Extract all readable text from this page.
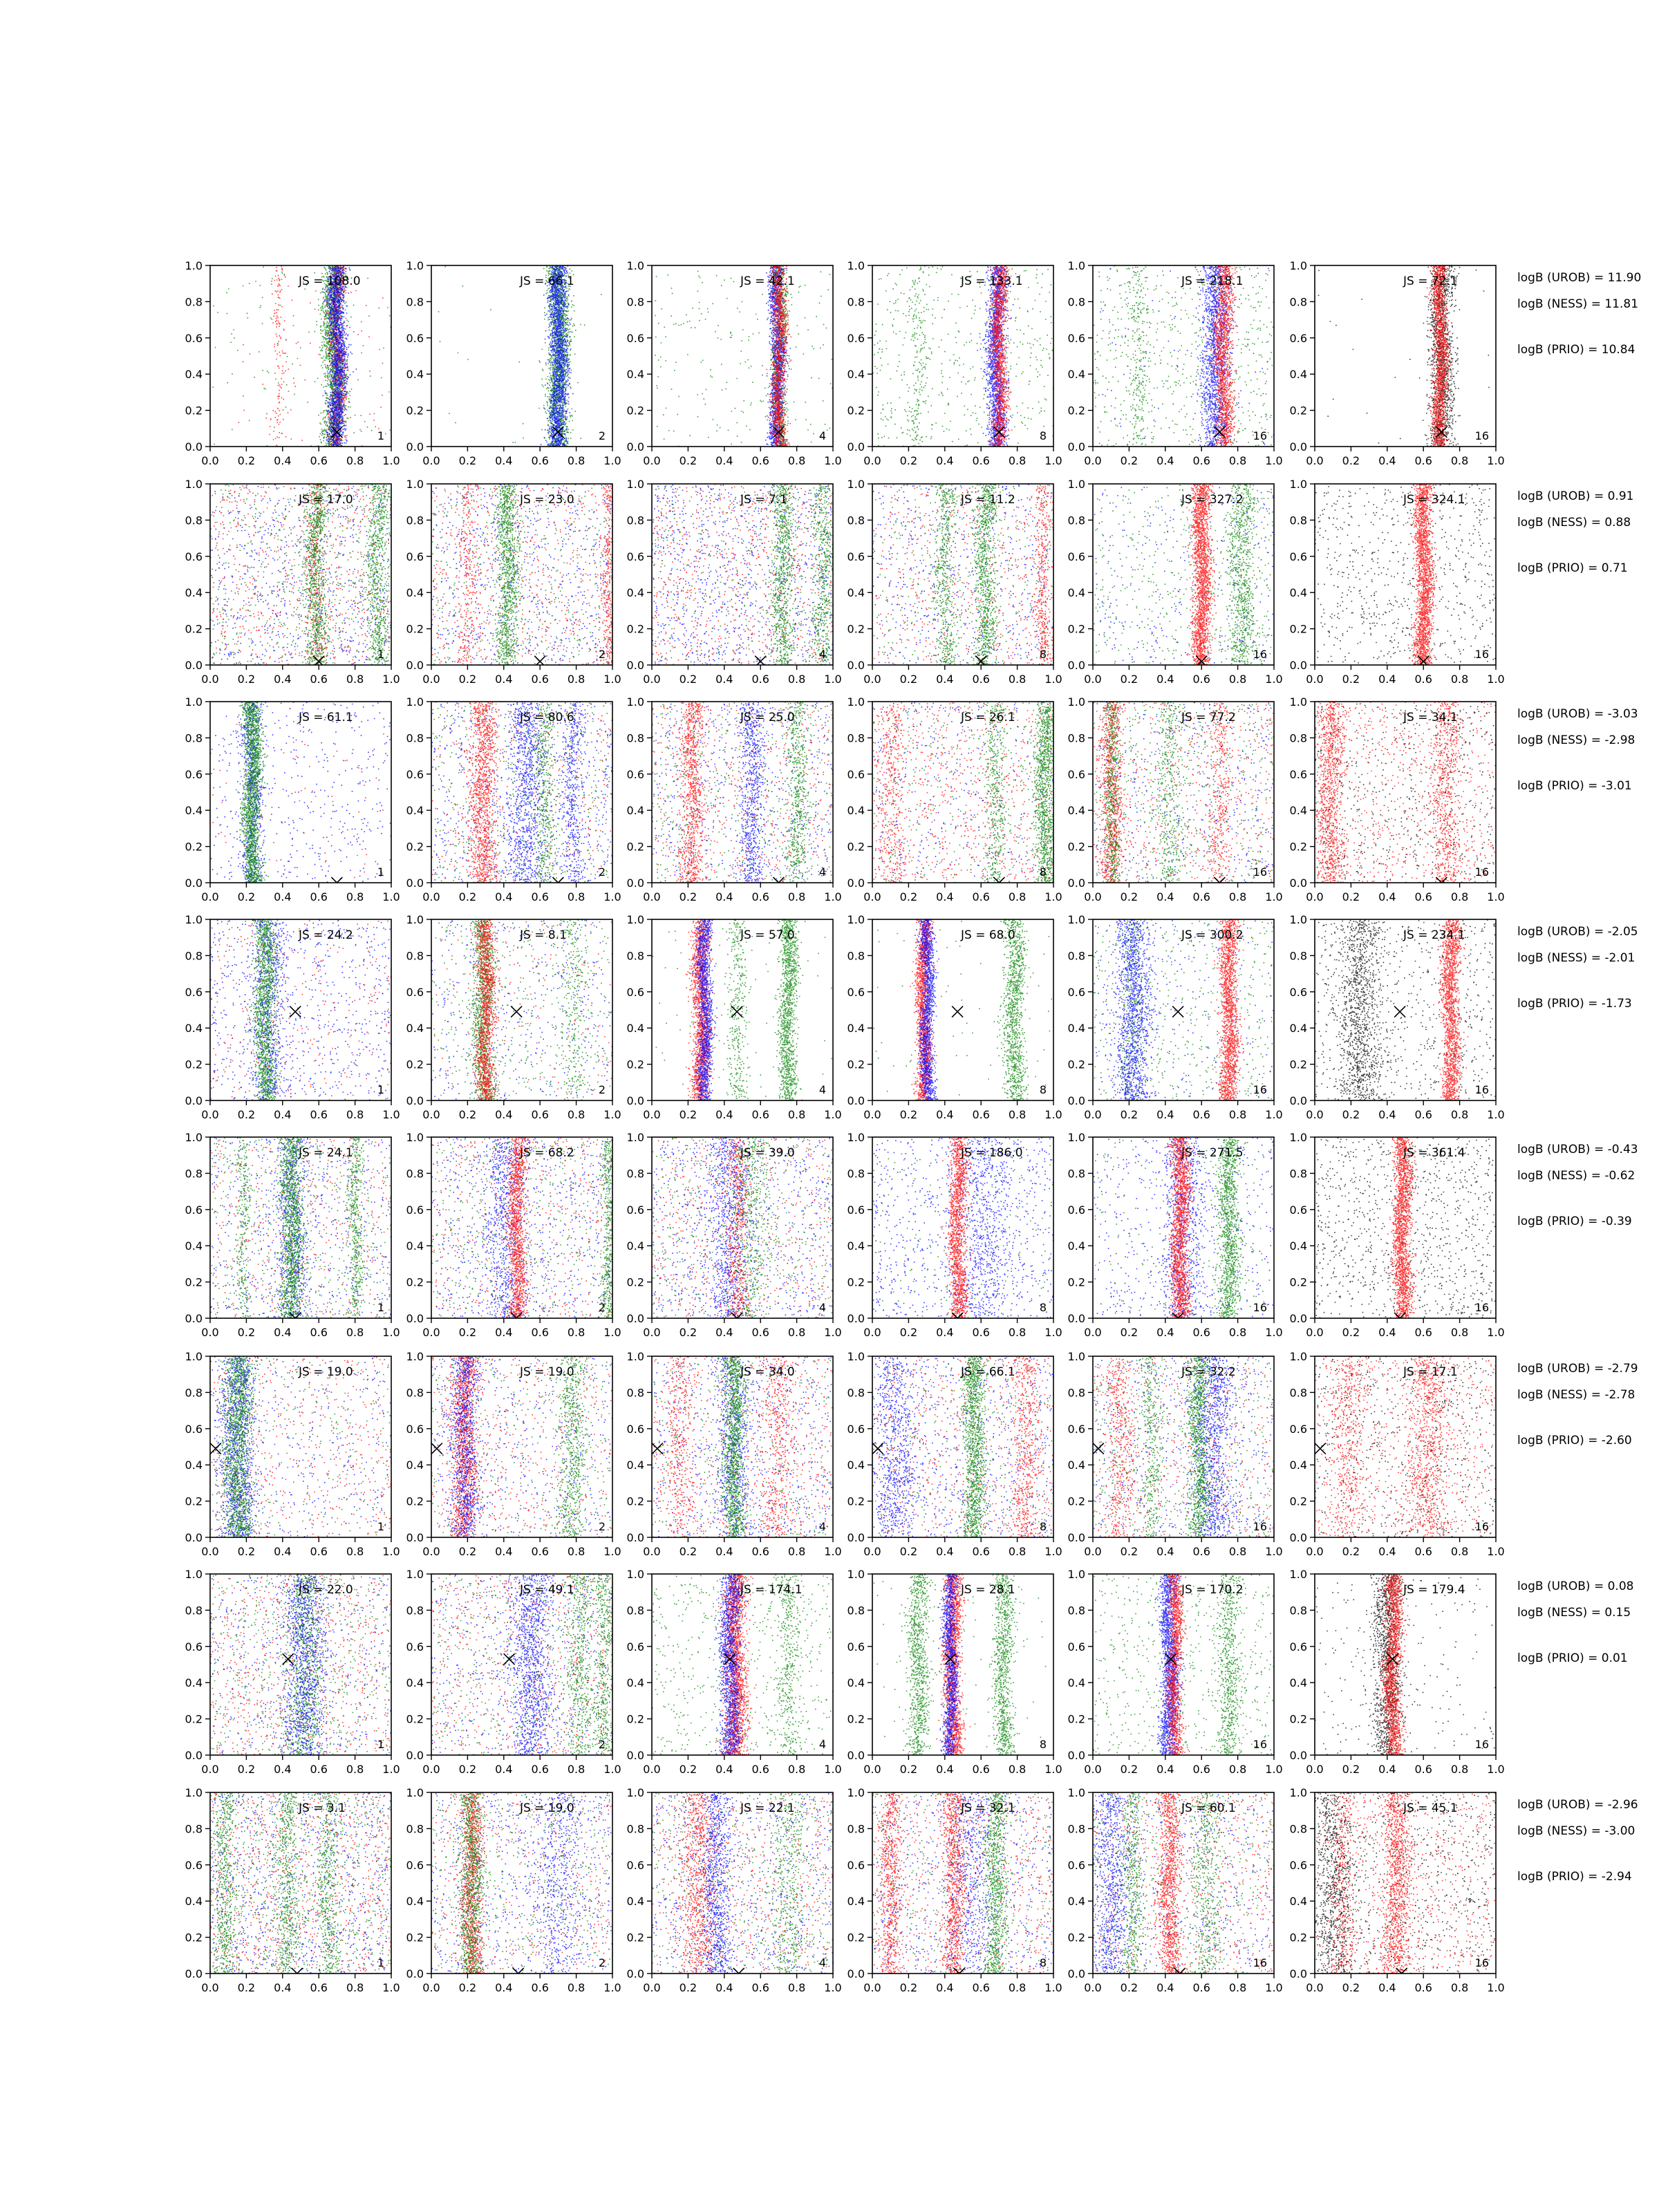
0.0
0.0
0.2
0.2
0.4
0.4
0.6
0.6
0.8
0.8
1.0
1.0
JS = 108.0
1
0.0
0.0
0.2
0.2
0.4
0.4
0.6
0.6
0.8
0.8
1.0
1.0
JS = 66.1
2
0.0
0.0
0.2
0.2
0.4
0.4
0.6
0.6
0.8
0.8
1.0
1.0
JS = 42.1
4
0.0
0.0
0.2
0.2
0.4
0.4
0.6
0.6
0.8
0.8
1.0
1.0
JS = 133.1
8
0.0
0.0
0.2
0.2
0.4
0.4
0.6
0.6
0.8
0.8
1.0
1.0
JS = 218.1
16
0.0
0.0
0.2
0.2
0.4
0.4
0.6
0.6
0.8
0.8
1.0
1.0
JS = 72.1
16
0.0
0.0
0.2
0.2
0.4
0.4
0.6
0.6
0.8
0.8
1.0
1.0
JS = 17.0
1
0.0
0.0
0.2
0.2
0.4
0.4
0.6
0.6
0.8
0.8
1.0
1.0
JS = 23.0
2
0.0
0.0
0.2
0.2
0.4
0.4
0.6
0.6
0.8
0.8
1.0
1.0
JS = 7.1
4
0.0
0.0
0.2
0.2
0.4
0.4
0.6
0.6
0.8
0.8
1.0
1.0
JS = 11.2
8
0.0
0.0
0.2
0.2
0.4
0.4
0.6
0.6
0.8
0.8
1.0
1.0
JS = 327.2
16
0.0
0.0
0.2
0.2
0.4
0.4
0.6
0.6
0.8
0.8
1.0
1.0
JS = 324.1
16
0.0
0.0
0.2
0.2
0.4
0.4
0.6
0.6
0.8
0.8
1.0
1.0
JS = 61.1
1
0.0
0.0
0.2
0.2
0.4
0.4
0.6
0.6
0.8
0.8
1.0
1.0
JS = 80.6
2
0.0
0.0
0.2
0.2
0.4
0.4
0.6
0.6
0.8
0.8
1.0
1.0
JS = 25.0
4
0.0
0.0
0.2
0.2
0.4
0.4
0.6
0.6
0.8
0.8
1.0
1.0
JS = 26.1
8
0.0
0.0
0.2
0.2
0.4
0.4
0.6
0.6
0.8
0.8
1.0
1.0
JS = 77.2
16
0.0
0.0
0.2
0.2
0.4
0.4
0.6
0.6
0.8
0.8
1.0
1.0
JS = 34.1
16
0.0
0.0
0.2
0.2
0.4
0.4
0.6
0.6
0.8
0.8
1.0
1.0
JS = 24.2
1
0.0
0.0
0.2
0.2
0.4
0.4
0.6
0.6
0.8
0.8
1.0
1.0
JS = 8.1
2
0.0
0.0
0.2
0.2
0.4
0.4
0.6
0.6
0.8
0.8
1.0
1.0
JS = 57.0
4
0.0
0.0
0.2
0.2
0.4
0.4
0.6
0.6
0.8
0.8
1.0
1.0
JS = 68.0
8
0.0
0.0
0.2
0.2
0.4
0.4
0.6
0.6
0.8
0.8
1.0
1.0
JS = 300.2
16
0.0
0.0
0.2
0.2
0.4
0.4
0.6
0.6
0.8
0.8
1.0
1.0
JS = 234.1
16
0.0
0.0
0.2
0.2
0.4
0.4
0.6
0.6
0.8
0.8
1.0
1.0
JS = 24.1
1
0.0
0.0
0.2
0.2
0.4
0.4
0.6
0.6
0.8
0.8
1.0
1.0
JS = 68.2
2
0.0
0.0
0.2
0.2
0.4
0.4
0.6
0.6
0.8
0.8
1.0
1.0
JS = 39.0
4
0.0
0.0
0.2
0.2
0.4
0.4
0.6
0.6
0.8
0.8
1.0
1.0
JS = 186.0
8
0.0
0.0
0.2
0.2
0.4
0.4
0.6
0.6
0.8
0.8
1.0
1.0
JS = 271.5
16
0.0
0.0
0.2
0.2
0.4
0.4
0.6
0.6
0.8
0.8
1.0
1.0
JS = 361.4
16
0.0
0.0
0.2
0.2
0.4
0.4
0.6
0.6
0.8
0.8
1.0
1.0
JS = 19.0
1
0.0
0.0
0.2
0.2
0.4
0.4
0.6
0.6
0.8
0.8
1.0
1.0
JS = 19.0
2
0.0
0.0
0.2
0.2
0.4
0.4
0.6
0.6
0.8
0.8
1.0
1.0
JS = 34.0
4
0.0
0.0
0.2
0.2
0.4
0.4
0.6
0.6
0.8
0.8
1.0
1.0
JS = 66.1
8
0.0
0.0
0.2
0.2
0.4
0.4
0.6
0.6
0.8
0.8
1.0
1.0
JS = 32.2
16
0.0
0.0
0.2
0.2
0.4
0.4
0.6
0.6
0.8
0.8
1.0
1.0
JS = 17.1
16
0.0
0.0
0.2
0.2
0.4
0.4
0.6
0.6
0.8
0.8
1.0
1.0
JS = 22.0
1
0.0
0.0
0.2
0.2
0.4
0.4
0.6
0.6
0.8
0.8
1.0
1.0
JS = 49.1
2
0.0
0.0
0.2
0.2
0.4
0.4
0.6
0.6
0.8
0.8
1.0
1.0
JS = 174.1
4
0.0
0.0
0.2
0.2
0.4
0.4
0.6
0.6
0.8
0.8
1.0
1.0
JS = 28.1
8
0.0
0.0
0.2
0.2
0.4
0.4
0.6
0.6
0.8
0.8
1.0
1.0
JS = 170.2
16
0.0
0.0
0.2
0.2
0.4
0.4
0.6
0.6
0.8
0.8
1.0
1.0
JS = 179.4
16
0.0
0.0
0.2
0.2
0.4
0.4
0.6
0.6
0.8
0.8
1.0
1.0
JS = 3.1
1
0.0
0.0
0.2
0.2
0.4
0.4
0.6
0.6
0.8
0.8
1.0
1.0
JS = 19.0
2
0.0
0.0
0.2
0.2
0.4
0.4
0.6
0.6
0.8
0.8
1.0
1.0
JS = 22.1
4
0.0
0.0
0.2
0.2
0.4
0.4
0.6
0.6
0.8
0.8
1.0
1.0
JS = 32.1
8
0.0
0.0
0.2
0.2
0.4
0.4
0.6
0.6
0.8
0.8
1.0
1.0
JS = 60.1
16
0.0
0.0
0.2
0.2
0.4
0.4
0.6
0.6
0.8
0.8
1.0
1.0
JS = 45.1
16
logB (UROB) = 11.90
logB (NESS) = 11.81
logB (PRIO) = 10.84
logB (UROB) = 0.91
logB (NESS) = 0.88
logB (PRIO) = 0.71
logB (UROB) = -3.03
logB (NESS) = -2.98
logB (PRIO) = -3.01
logB (UROB) = -2.05
logB (NESS) = -2.01
logB (PRIO) = -1.73
logB (UROB) = -0.43
logB (NESS) = -0.62
logB (PRIO) = -0.39
logB (UROB) = -2.79
logB (NESS) = -2.78
logB (PRIO) = -2.60
logB (UROB) = 0.08
logB (NESS) = 0.15
logB (PRIO) = 0.01
logB (UROB) = -2.96
logB (NESS) = -3.00
logB (PRIO) = -2.94
